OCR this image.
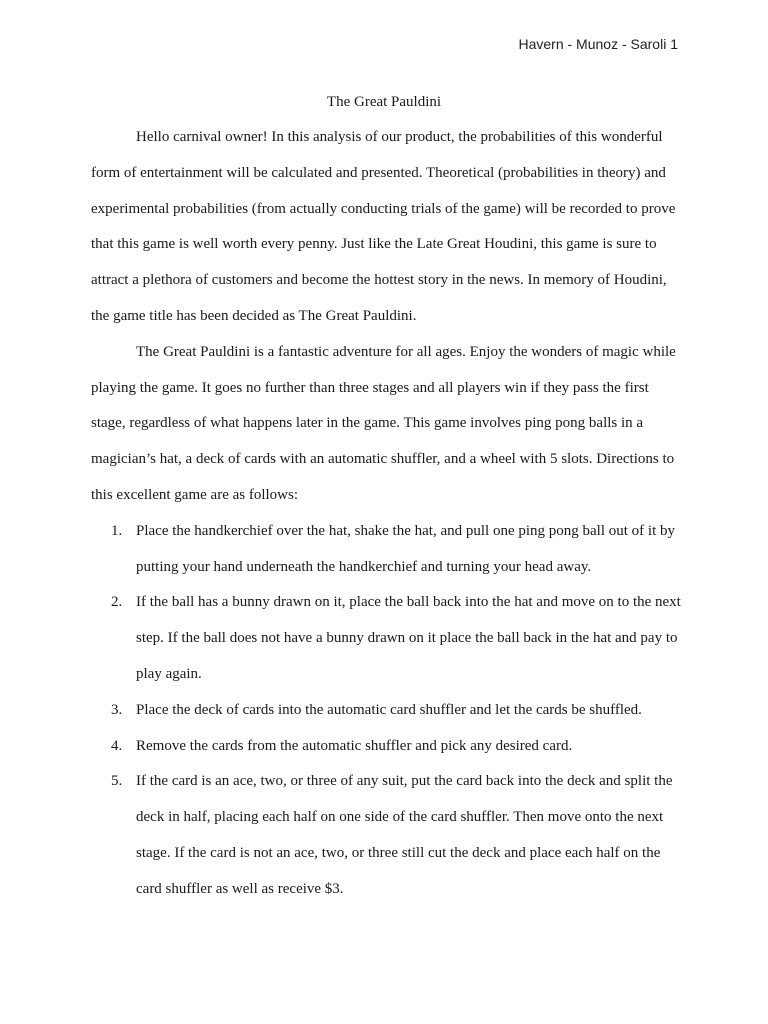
Havern - Munoz - Saroli 1
The Great Pauldini

Hello carnival owner! In this analysis of our product, the probabilities of this wonderful form of entertainment will be calculated and presented. Theoretical (probabilities in theory) and experimental probabilities (from actually conducting trials of the game) will be recorded to prove that this game is well worth every penny. Just like the Late Great Houdini, this game is sure to attract a plethora of customers and become the hottest story in the news. In memory of Houdini, the game title has been decided as The Great Pauldini.

The Great Pauldini is a fantastic adventure for all ages. Enjoy the wonders of magic while playing the game. It goes no further than three stages and all players win if they pass the first stage, regardless of what happens later in the game. This game involves ping pong balls in a magician’s hat, a deck of cards with an automatic shuffler, and a wheel with 5 slots. Directions to this excellent game are as follows:

1. Place the handkerchief over the hat, shake the hat, and pull one ping pong ball out of it by putting your hand underneath the handkerchief and turning your head away.
2. If the ball has a bunny drawn on it, place the ball back into the hat and move on to the next step. If the ball does not have a bunny drawn on it place the ball back in the hat and pay to play again.
3. Place the deck of cards into the automatic card shuffler and let the cards be shuffled.
4. Remove the cards from the automatic shuffler and pick any desired card.
5. If the card is an ace, two, or three of any suit, put the card back into the deck and split the deck in half, placing each half on one side of the card shuffler. Then move onto the next stage. If the card is not an ace, two, or three still cut the deck and place each half on the card shuffler as well as receive $3.
